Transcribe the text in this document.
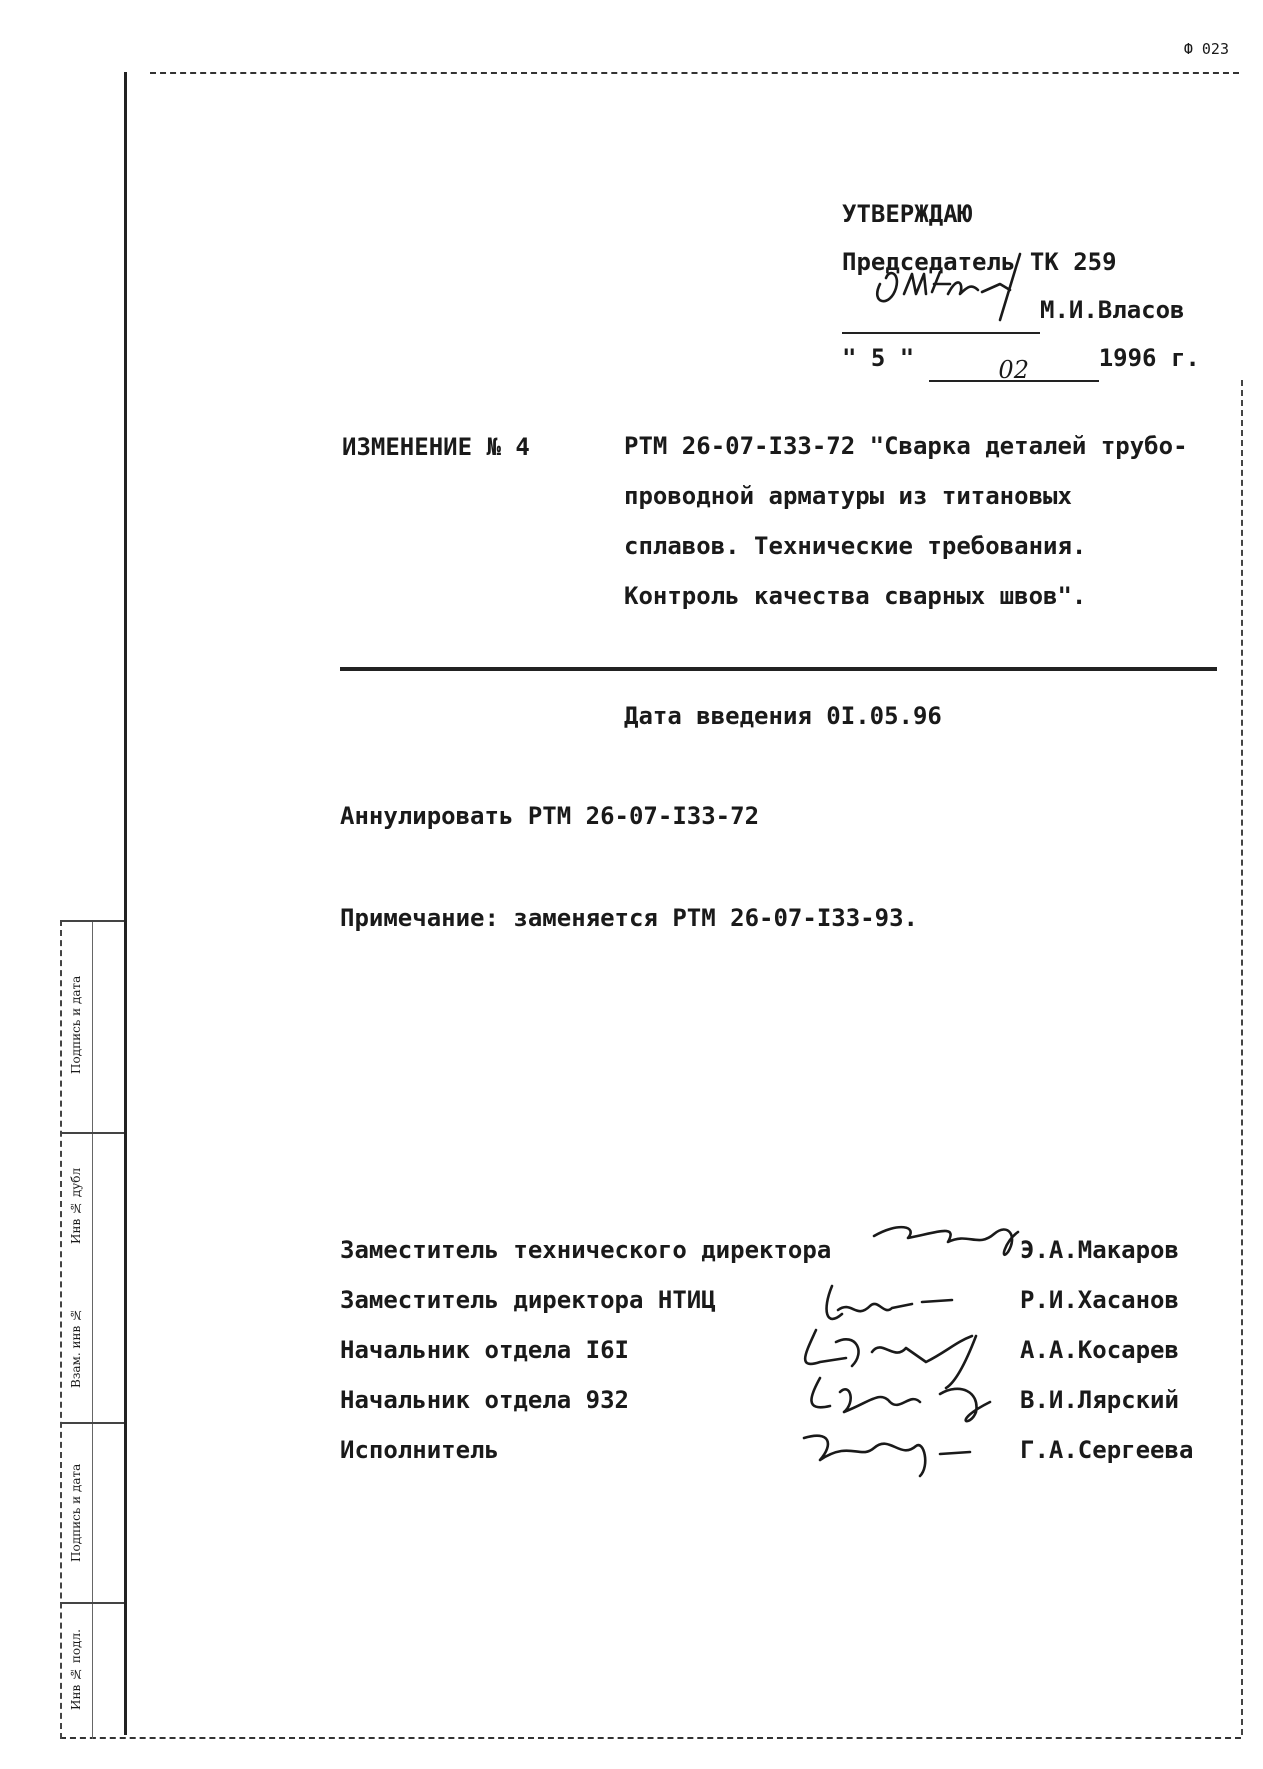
Ф 023
Подпись и дата
Инв № дубл
Взам. инв №
Подпись и дата
Инв № подл.
УТВЕРЖДАЮ
Председатель ТК 259
М.И.Власов
" 5 "	02	1996 г.
ИЗМЕНЕНИЕ № 4	РТМ 26-07-I33-72 "Сварка деталей трубо-
проводной арматуры из титановых
сплавов. Технические требования.
Контроль качества сварных швов".
Дата введения 0I.05.96
Аннулировать РТМ 26-07-I33-72
Примечание: заменяется РТМ 26-07-I33-93.
Заместитель технического директора	Э.А.Макаров
Заместитель директора НТИЦ	Р.И.Хасанов
Начальник отдела I6I	А.А.Косарев
Начальник отдела 932	В.И.Лярский
Исполнитель	Г.А.Сергеева
